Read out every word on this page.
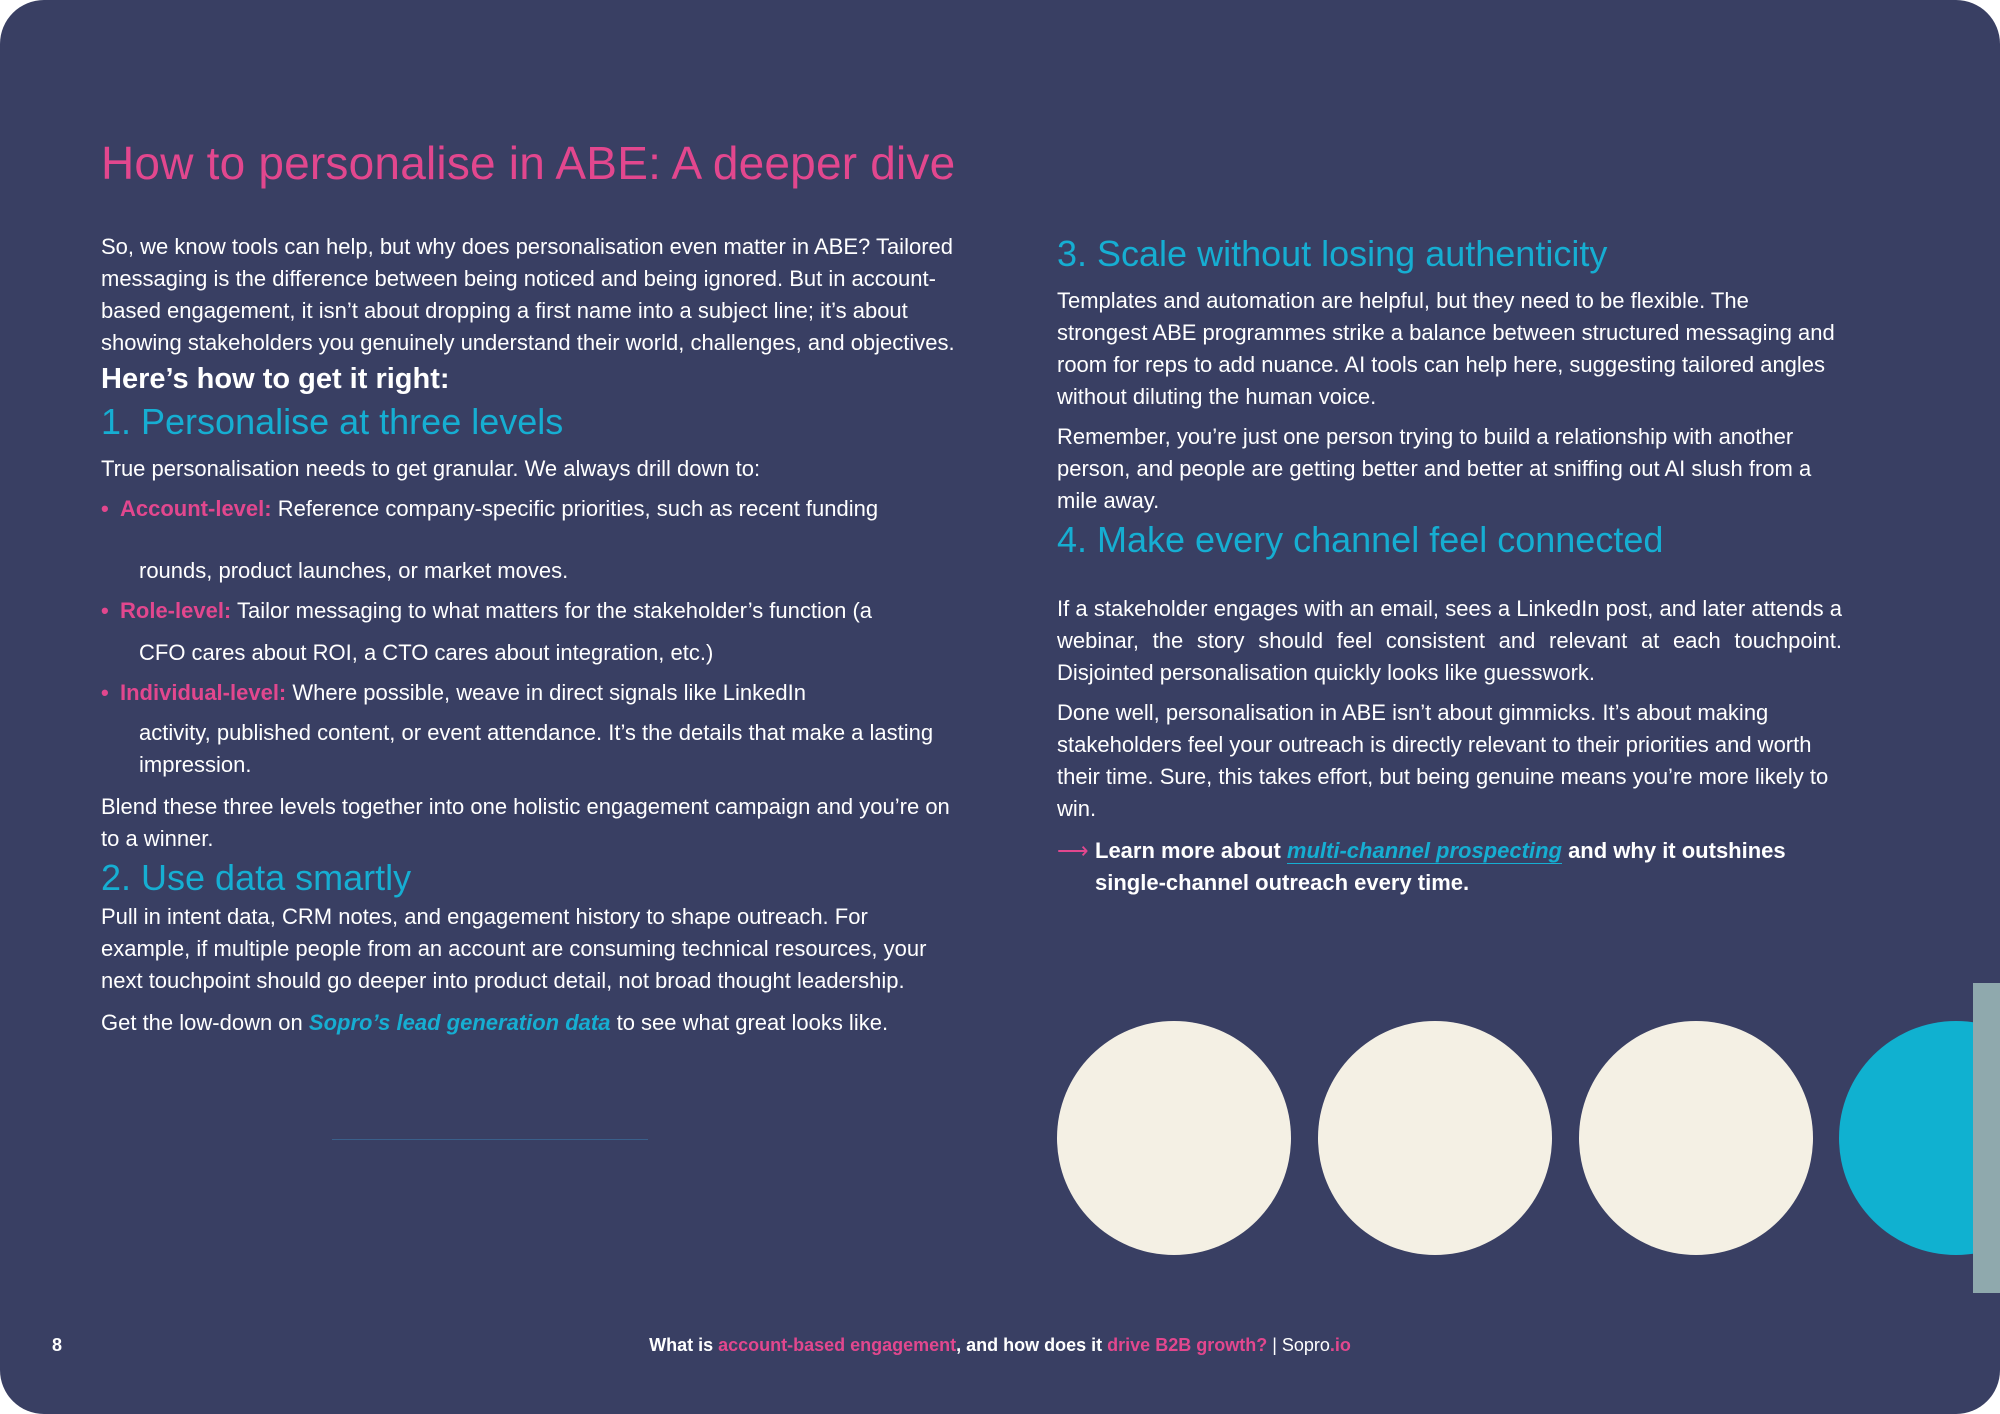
How to personalise in ABE: A deeper dive

So, we know tools can help, but why does personalisation even matter in ABE? Tailored messaging is the difference between being noticed and being ignored. But in account-based engagement, it isn’t about dropping a first name into a subject line; it’s about showing stakeholders you genuinely understand their world, challenges, and objectives.

Here’s how to get it right:

1. Personalise at three levels

True personalisation needs to get granular. We always drill down to:

• Account-level: Reference company-specific priorities, such as recent funding
rounds, product launches, or market moves.
• Role-level: Tailor messaging to what matters for the stakeholder’s function (a
CFO cares about ROI, a CTO cares about integration, etc.)
• Individual-level: Where possible, weave in direct signals like LinkedIn
activity, published content, or event attendance. It’s the details that make a lasting impression.

Blend these three levels together into one holistic engagement campaign and you’re on to a winner.

2. Use data smartly

Pull in intent data, CRM notes, and engagement history to shape outreach. For example, if multiple people from an account are consuming technical resources, your next touchpoint should go deeper into product detail, not broad thought leadership.

Get the low-down on Sopro’s lead generation data to see what great looks like.

3. Scale without losing authenticity

Templates and automation are helpful, but they need to be flexible. The strongest ABE programmes strike a balance between structured messaging and room for reps to add nuance. AI tools can help here, suggesting tailored angles without diluting the human voice.

Remember, you’re just one person trying to build a relationship with another person, and people are getting better and better at sniffing out AI slush from a mile away.

4. Make every channel feel connected

If a stakeholder engages with an email, sees a LinkedIn post, and later attends a webinar, the story should feel consistent and relevant at each touchpoint. Disjointed personalisation quickly looks like guesswork.

Done well, personalisation in ABE isn’t about gimmicks. It’s about making stakeholders feel your outreach is directly relevant to their priorities and worth their time. Sure, this takes effort, but being genuine means you’re more likely to win.

⟶ Learn more about multi-channel prospecting and why it outshines single-channel outreach every time.

8	What is account-based engagement, and how does it drive B2B growth? | Sopro.io
